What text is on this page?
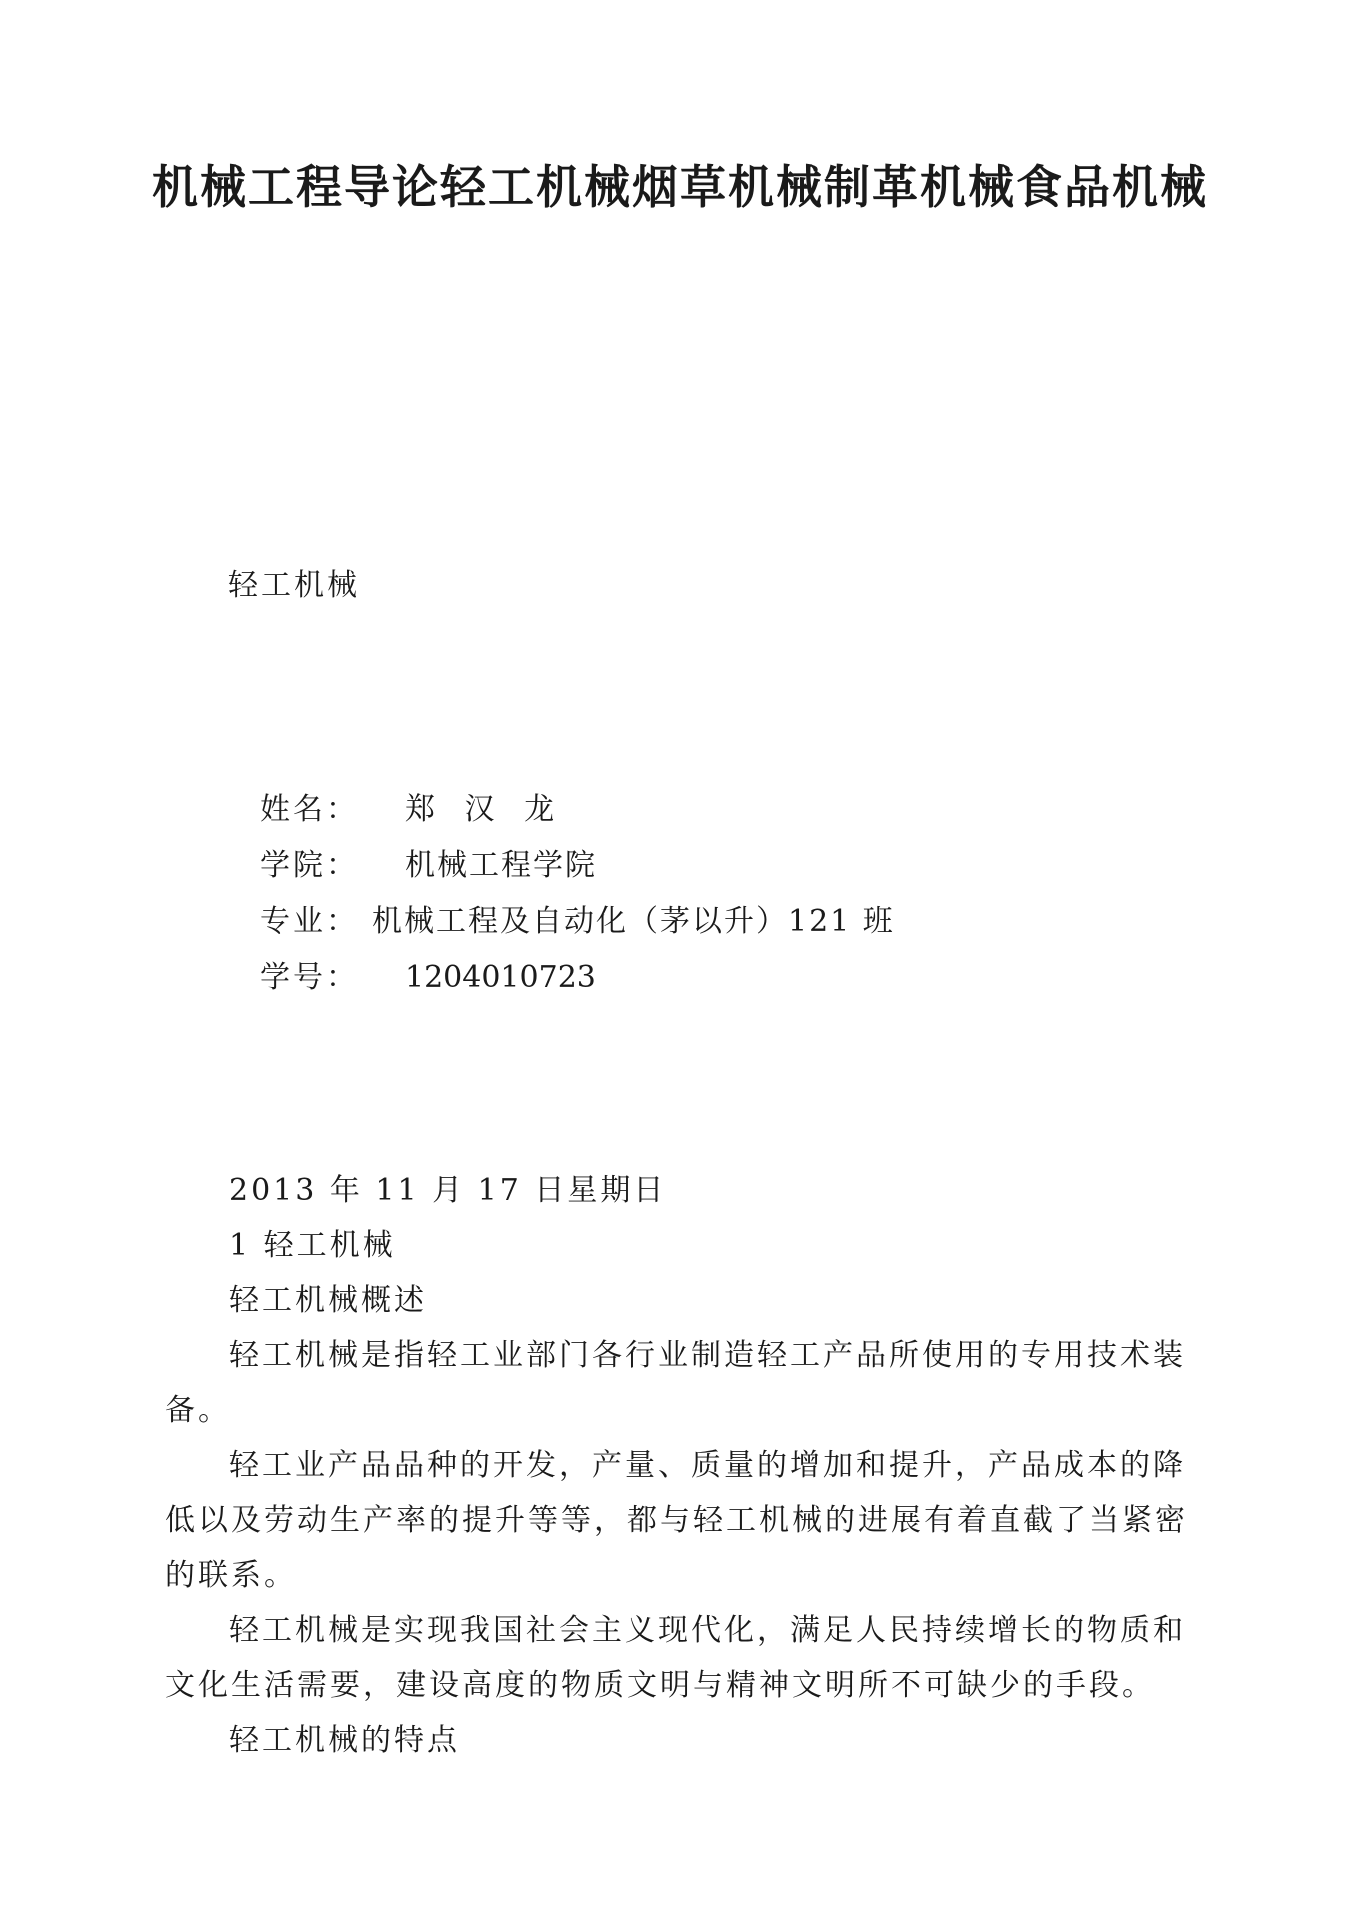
机械工程导论轻工机械烟草机械制革机械食品机械
轻工机械
姓名： 郑 汉 龙
学院： 机械工程学院
专业： 机械工程及自动化（茅以升）121 班
学号： 1204010723

2013 年 11 月 17 日星期日

1 轻工机械

轻工机械概述

轻工机械是指轻工业部门各行业制造轻工产品所使用的专用技术装备。

轻工业产品品种的开发，产量、质量的增加和提升，产品成本的降低以及劳动生产率的提升等等，都与轻工机械的进展有着直截了当紧密的联系。

轻工机械是实现我国社会主义现代化，满足人民持续增长的物质和文化生活需要，建设高度的物质文明与精神文明所不可缺少的手段。

轻工机械的特点
